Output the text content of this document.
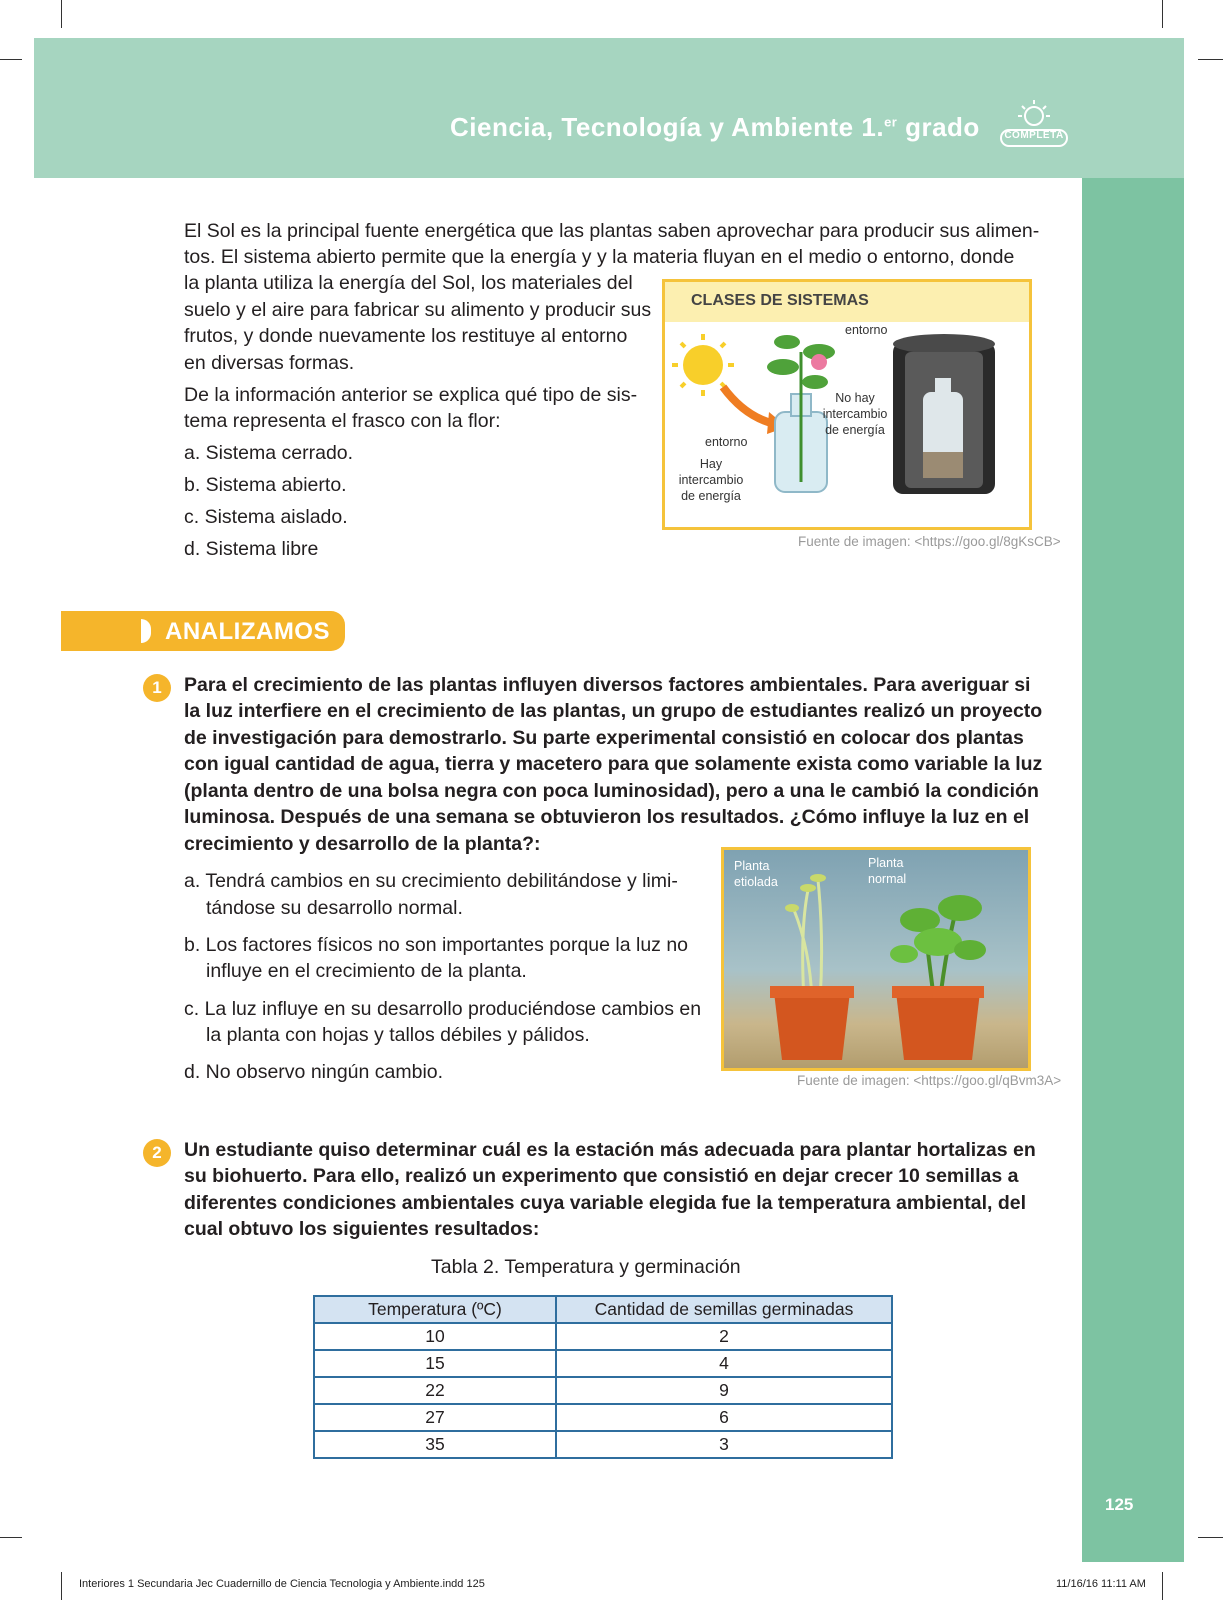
Ciencia, Tecnología y Ambiente 1.$^{er}$ grado	COMPLETA
125

El Sol es la principal fuente energética que las plantas saben aprovechar para producir sus alimen-

tos. El sistema abierto permite que la energía y y la materia fluyan en el medio o entorno, donde

la planta utiliza la energía del Sol, los materiales del

suelo y el aire para fabricar su alimento y producir sus

frutos, y donde nuevamente los restituye al entorno

en diversas formas.

De la información anterior se explica qué tipo de sis-

tema representa el frasco con la flor:

a. Sistema cerrado.

b. Sistema abierto.

c. Sistema aislado.

d. Sistema libre

CLASES DE SISTEMAS
entorno
No hay
intercambio
de energía
entorno
Hay
intercambio
de energía
Fuente de imagen: <https://goo.gl/8gKsCB>
ANALIZAMOS
1	Para el crecimiento de las plantas influyen diversos factores ambientales. Para averiguar si

la luz interfiere en el crecimiento de las plantas, un grupo de estudiantes realizó un proyecto

de investigación para demostrarlo. Su parte experimental consistió en colocar dos plantas

con igual cantidad de agua, tierra y macetero para que solamente exista como variable la luz

(planta dentro de una bolsa negra con poca luminosidad), pero a una le cambió la condición

luminosa. Después de una semana se obtuvieron los resultados. ¿Cómo influye la luz en el

crecimiento y desarrollo de la planta?:

a. Tendrá cambios en su crecimiento debilitándose y limi-

tándose su desarrollo normal.

b. Los factores físicos no son importantes porque la luz no

influye en el crecimiento de la planta.

c. La luz influye en su desarrollo produciéndose cambios en

la planta con hojas y tallos débiles y pálidos.

d. No observo ningún cambio.

Planta
etiolada
Planta
normal
Fuente de imagen: <https://goo.gl/qBvm3A>
2	Un estudiante quiso determinar cuál es la estación más adecuada para plantar hortalizas en

su biohuerto. Para ello, realizó un experimento que consistió en dejar crecer 10 semillas a

diferentes condiciones ambientales cuya variable elegida fue la temperatura ambiental, del

cual obtuvo los siguientes resultados:

Tabla 2. Temperatura y germinación
Temperatura (ºC)	Cantidad de semillas germinadas
10	2
15	4
22	9
27	6
35	3
Interiores 1 Secundaria Jec Cuadernillo de Ciencia Tecnologia y Ambiente.indd 125	11/16/16 11:11 AM
